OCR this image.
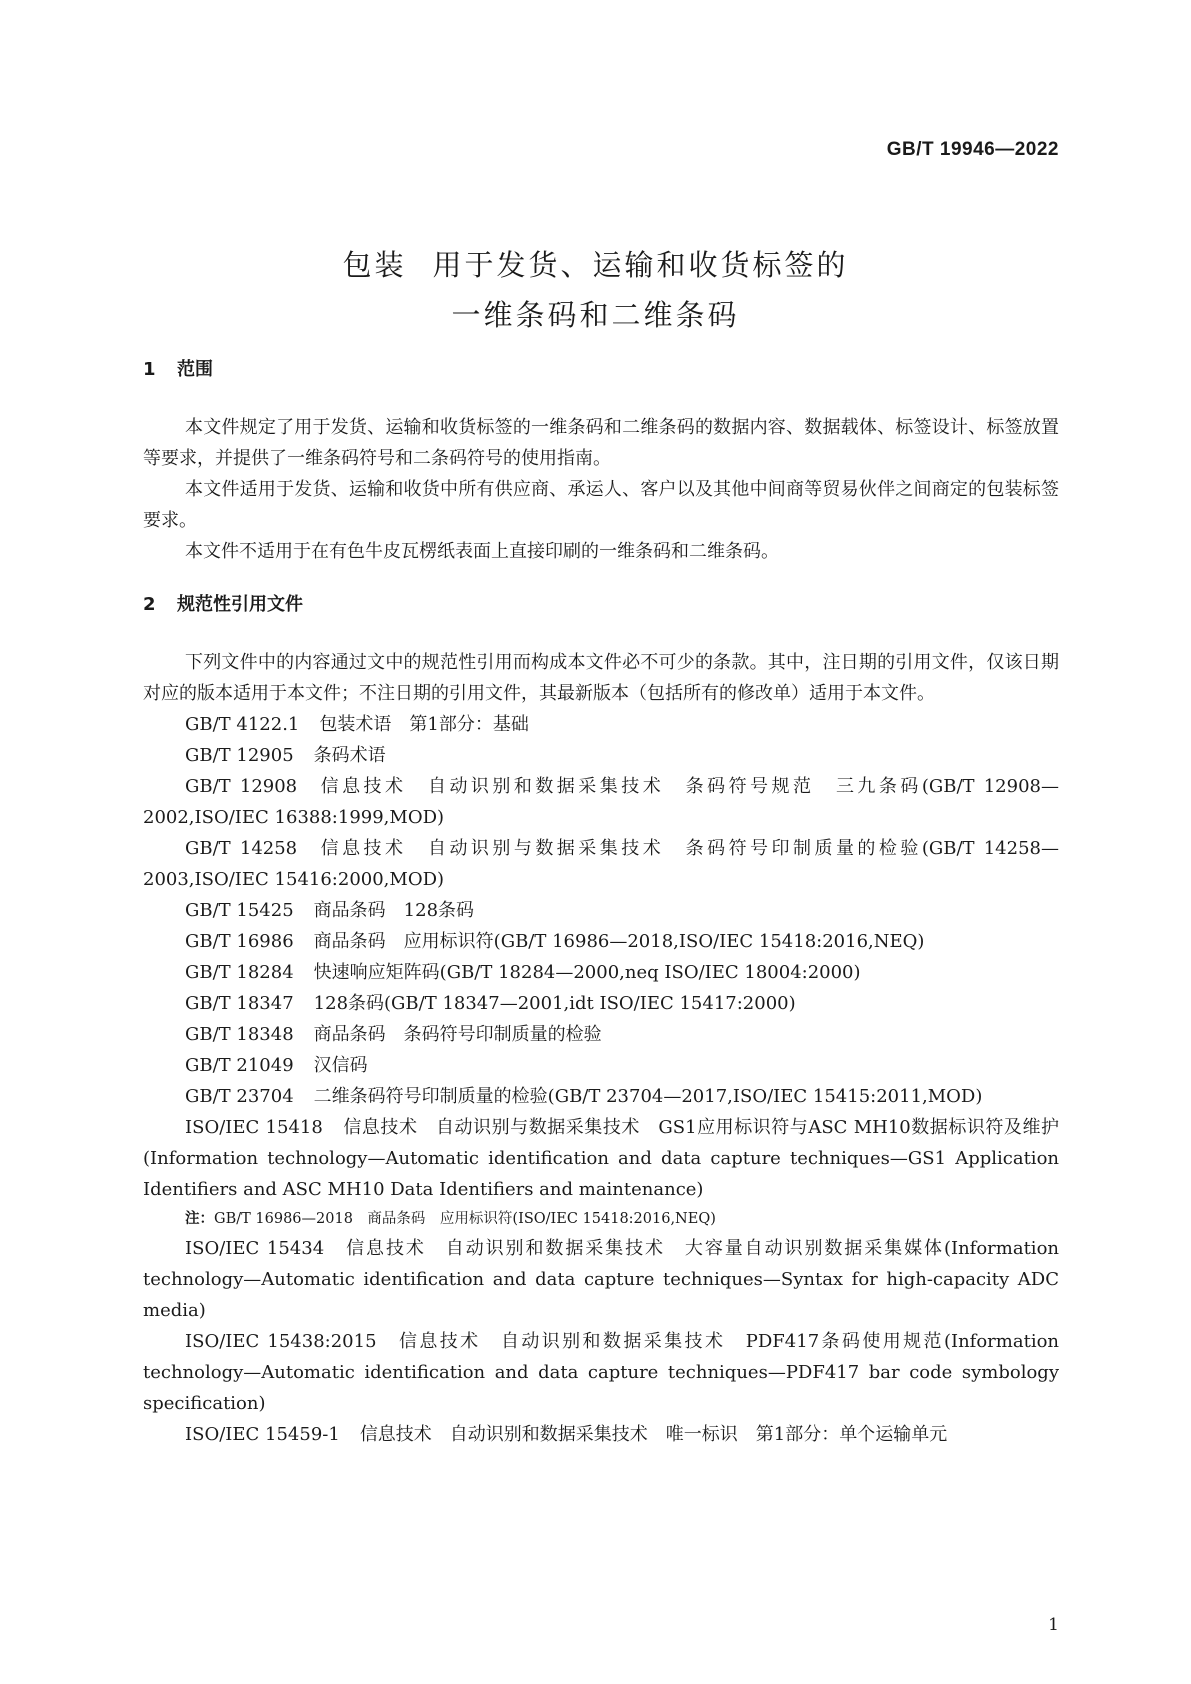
GB/T 19946—2022
包装 用于发货、运输和收货标签的
一维条码和二维条码
1 范围

本文件规定了用于发货、运输和收货标签的一维条码和二维条码的数据内容、数据载体、标签设计、标签放置等要求，并提供了一维条码符号和二条码符号的使用指南。

本文件适用于发货、运输和收货中所有供应商、承运人、客户以及其他中间商等贸易伙伴之间商定的包装标签要求。

本文件不适用于在有色牛皮瓦楞纸表面上直接印刷的一维条码和二维条码。

2 规范性引用文件

下列文件中的内容通过文中的规范性引用而构成本文件必不可少的条款。其中，注日期的引用文件，仅该日期对应的版本适用于本文件；不注日期的引用文件，其最新版本（包括所有的修改单）适用于本文件。

GB/T 4122.1 包装术语　第1部分：基础

GB/T 12905 条码术语

GB/T 12908 信息技术　自动识别和数据采集技术　条码符号规范　三九条码(GB/T 12908—2002,ISO/IEC 16388:1999,MOD)

GB/T 14258 信息技术　自动识别与数据采集技术　条码符号印制质量的检验(GB/T 14258—2003,ISO/IEC 15416:2000,MOD)

GB/T 15425 商品条码　128条码

GB/T 16986 商品条码　应用标识符(GB/T 16986—2018,ISO/IEC 15418:2016,NEQ)

GB/T 18284 快速响应矩阵码(GB/T 18284—2000,neq ISO/IEC 18004:2000)

GB/T 18347 128条码(GB/T 18347—2001,idt ISO/IEC 15417:2000)

GB/T 18348 商品条码　条码符号印制质量的检验

GB/T 21049 汉信码

GB/T 23704 二维条码符号印制质量的检验(GB/T 23704—2017,ISO/IEC 15415:2011,MOD)

ISO/IEC 15418 信息技术　自动识别与数据采集技术　GS1应用标识符与ASC MH10数据标识符及维护(Information technology—Automatic identification and data capture techniques—GS1 Application Identifiers and ASC MH10 Data Identifiers and maintenance)

注：GB/T 16986—2018　商品条码　应用标识符(ISO/IEC 15418:2016,NEQ)

ISO/IEC 15434 信息技术　自动识别和数据采集技术　大容量自动识别数据采集媒体(Information technology—Automatic identification and data capture techniques—Syntax for high-capacity ADC media)

ISO/IEC 15438:2015 信息技术　自动识别和数据采集技术　PDF417条码使用规范(Information technology—Automatic identification and data capture techniques—PDF417 bar code symbology specification)

ISO/IEC 15459-1 信息技术　自动识别和数据采集技术　唯一标识　第1部分：单个运输单元

1
